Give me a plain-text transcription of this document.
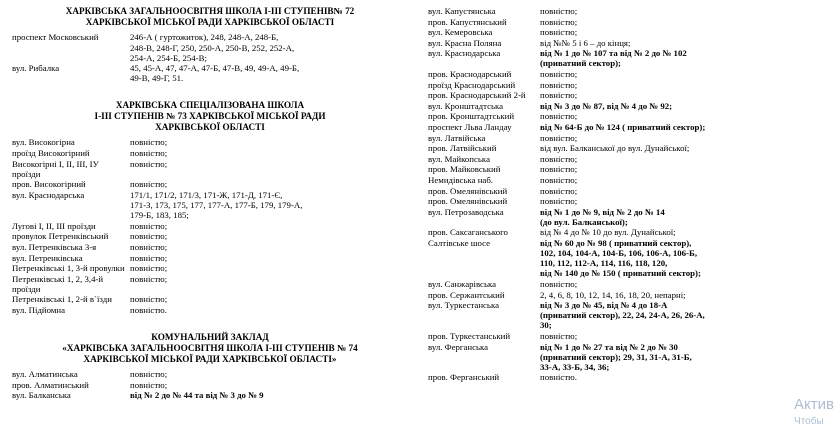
ХАРКІВСЬКА ЗАГАЛЬНООСВІТНЯ ШКОЛА І-ІІІ СТУПЕНІВ№ 72

ХАРКІВСЬКОЇ МІСЬКОЇ РАДИ ХАРКІВСЬКОЇ ОБЛАСТІ

проспект Московський	246-А ( гуртожиток), 248, 248-А, 248-Б,
248-В, 248-Г, 250, 250-А, 250-В, 252, 252-А,
254-А, 254-Б, 254-В;
вул. Рибалка	45, 45-А, 47, 47-А, 47-Б, 47-В, 49, 49-А, 49-Б,
49-В, 49-Г, 51.

ХАРКІВСЬКА СПЕЦІАЛІЗОВАНА ШКОЛА

І-ІІІ СТУПЕНІВ № 73 ХАРКІВСЬКОЇ МІСЬКОЇ РАДИ

ХАРКІВСЬКОЇ ОБЛАСТІ

вул. Високогірна	повністю;
проїзд Високогірний	повністю;
Високогірні І, ІІ, ІІІ, ІУ проїзди	повністю;
пров. Високогірний	повністю;
вул. Краснодарська	171/1, 171/2, 171/3, 171-Ж, 171-Д, 171-Є,
171-З, 173, 175, 177, 177-А, 177-Б, 179, 179-А,
179-Б, 183, 185;
Лугові І, ІІ, ІІІ проїзди	повністю;
провулок Петренківський	повністю;
вул. Петренківська 3-я	повністю;
вул. Петренківська	повністю;
Петренківські 1, 3-й провулки	повністю;
Петренківські 1, 2, 3,4-й проїзди	повністю;
Петренківські 1, 2-й в`їзди	повністю;
вул. Підйомна	повністю.

КОМУНАЛЬНИЙ ЗАКЛАД

«ХАРКІВСЬКА ЗАГАЛЬНООСВІТНЯ ШКОЛА І-ІІІ СТУПЕНІВ № 74

ХАРКІВСЬКОЇ МІСЬКОЇ РАДИ ХАРКІВСЬКОЇ ОБЛАСТІ»

вул. Алматинська	повністю;
пров. Алматинський	повністю;
вул. Балканська	від № 2 до № 44 та від № 3 до № 9
вул. Капустянська	повністю;
пров. Капустянський	повністю;
вул. Кемеровська	повністю;
вул. Красна Поляна	від №№ 5 і 6 – до кінця;
вул. Краснодарська	від № 1 до № 107 та від № 2 до № 102
(приватний сектор);
пров. Краснодарський	повністю;
проїзд Краснодарський	повністю;
пров. Краснодарський 2-й	повністю;
вул. Кронштадтська	від № 3 до № 87, від № 4 до № 92;
пров. Кронштадтський	повністю;
проспект Льва Ландау	від № 64-Б до № 124 ( приватний сектор);
вул. Латвійська	повністю;
пров. Латвійський	від вул. Балканської до вул. Дунайської;
вул. Майкопська	повністю;
пров. Майковський	повністю;
Немидівська наб.	повністю;
пров. Омелянівський	повністю;
пров. Омелянівський	повністю;
вул. Петрозаводська	від № 1 до № 9, від № 2 до № 14
(до вул. Балканської);
пров. Саксаганського	від № 4 до № 10 до вул. Дунайської;
Салтівське шосе	від № 60 до № 98 ( приватний сектор),
102, 104, 104-А, 104-Б, 106, 106-А, 106-Б,
110, 112, 112-А, 114, 116, 118, 120,
від № 140 до № 150 ( приватний сектор);
вул. Санжарівська	повністю;
пров. Сержантський	2, 4, 6, 8, 10, 12, 14, 16, 18, 20, непарні;
вул. Туркестанська	від № 3 до № 45, від № 4 до 18-А
(приватний сектор), 22, 24, 24-А, 26, 26-А,
30;
пров. Туркестанський	повністю;
вул. Ферганська	від № 1 до № 27 та від № 2 до № 30
(приватний сектор); 29, 31, 31-А, 31-Б,
33-А, 33-Б, 34, 36;
пров. Ферганський	повністю.
Актив
Чтобы
